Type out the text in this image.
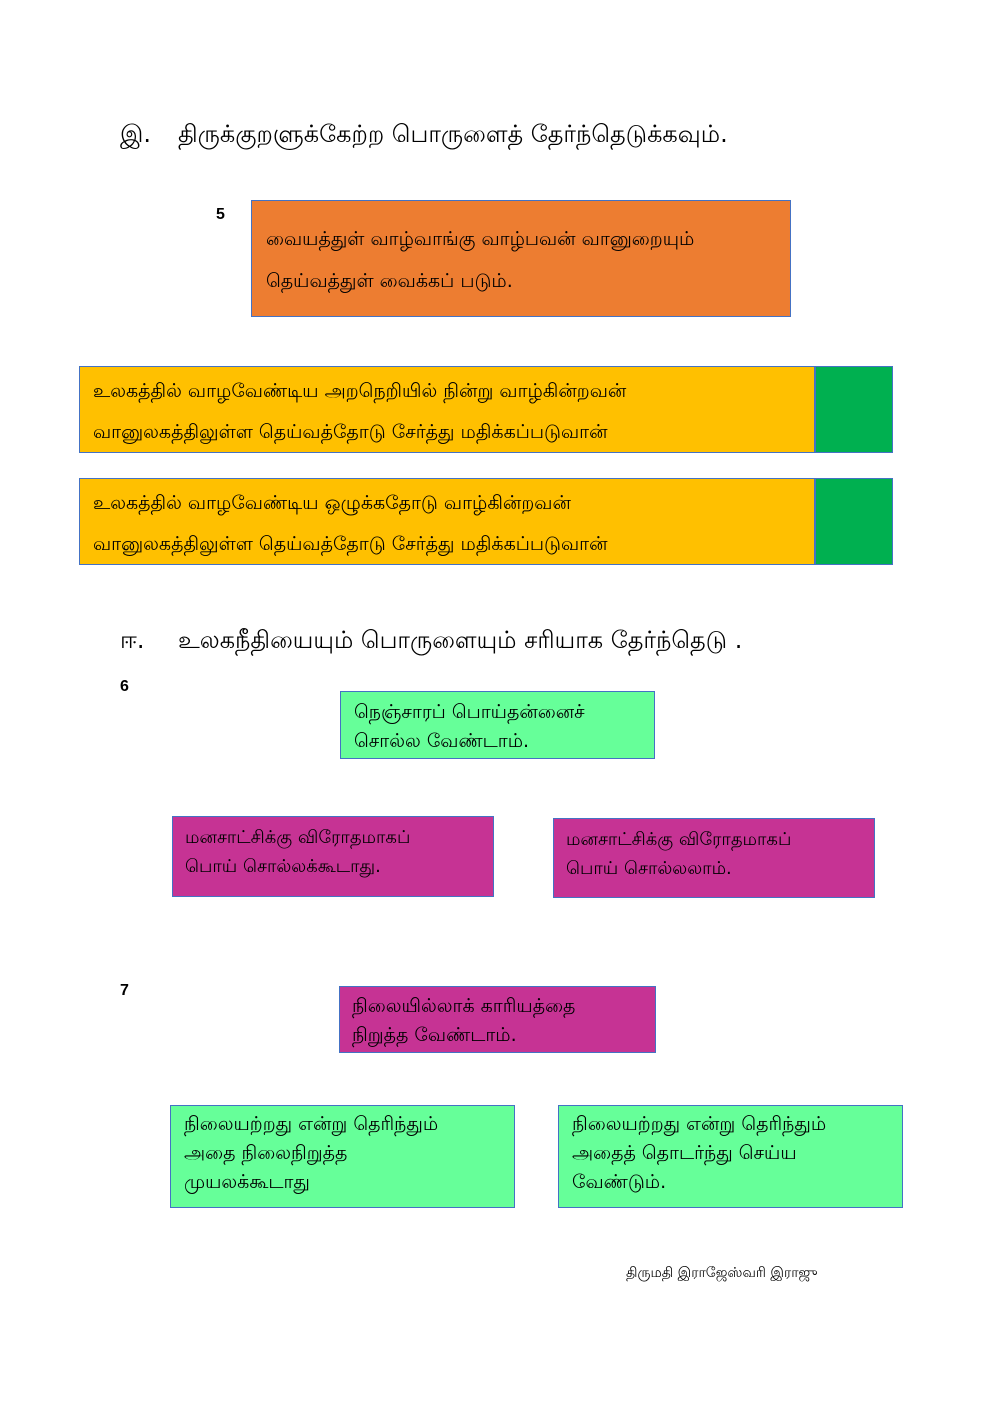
இ. திருக்குறளுக்கேற்ற பொருளைத் தேர்ந்தெடுக்கவும்.
5
வையத்துள் வாழ்வாங்கு வாழ்பவன் வானுறையும்
தெய்வத்துள் வைக்கப் படும்.
உலகத்தில் வாழவேண்டிய அறநெறியில் நின்று வாழ்கின்றவன்
வானுலகத்திலுள்ள தெய்வத்தோடு சேர்த்து மதிக்கப்படுவான்
உலகத்தில் வாழவேண்டிய ஒழுக்கதோடு வாழ்கின்றவன்
வானுலகத்திலுள்ள தெய்வத்தோடு சேர்த்து மதிக்கப்படுவான்
ஈ. உலகநீதியையும் பொருளையும் சரியாக தேர்ந்தெடு .
6
நெஞ்சாரப் பொய்தன்னைச்
சொல்ல வேண்டாம்.
மனசாட்சிக்கு விரோதமாகப்
பொய் சொல்லக்கூடாது.
மனசாட்சிக்கு விரோதமாகப்
பொய் சொல்லலாம்.
7
நிலையில்லாக் காரியத்தை
நிறுத்த வேண்டாம்.
நிலையற்றது என்று தெரிந்தும்
அதை நிலைநிறுத்த
முயலக்கூடாது
நிலையற்றது என்று தெரிந்தும்
அதைத் தொடர்ந்து செய்ய
வேண்டும்.
திருமதி இராஜேஸ்வரி இராஜு
